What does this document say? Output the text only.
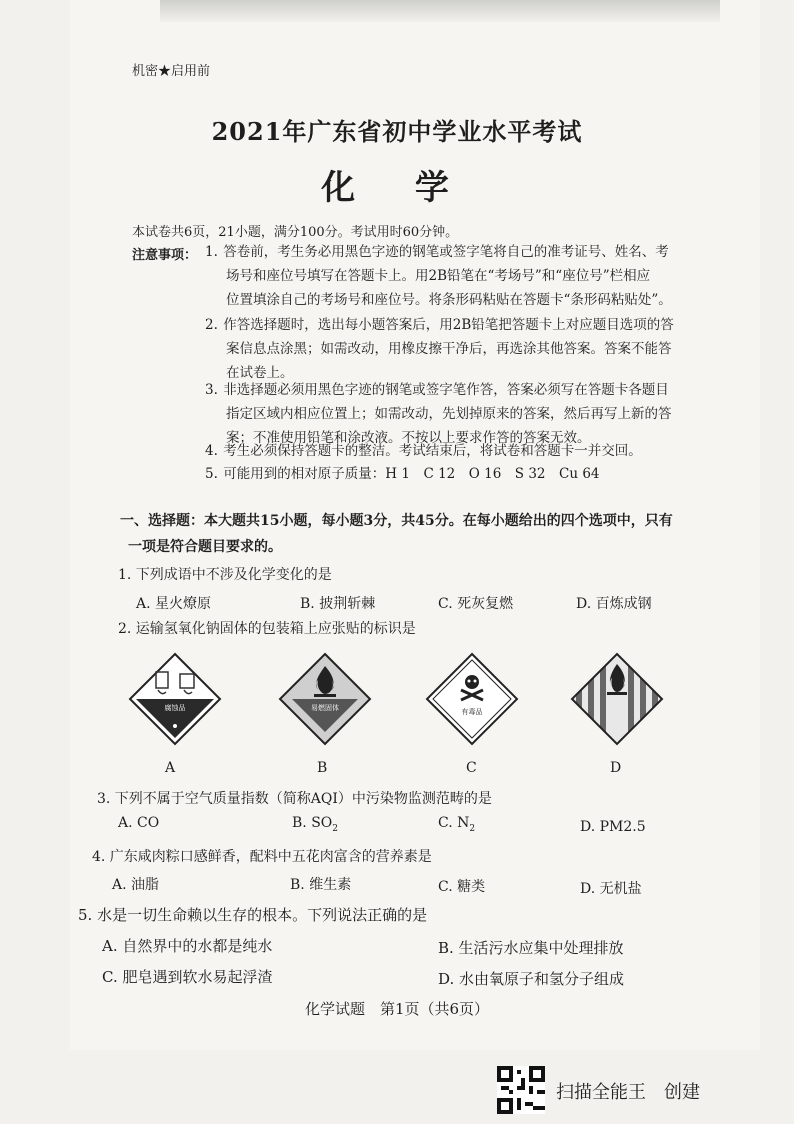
机密★启用前
2021年广东省初中学业水平考试
化 学
本试卷共6页，21小题，满分100分。考试用时60分钟。
注意事项： 1. 答卷前，考生务必用黑色字迹的钢笔或签字笔将自己的准考证号、姓名、考
场号和座位号填写在答题卡上。用2B铅笔在“考场号”和“座位号”栏相应
位置填涂自己的考场号和座位号。将条形码粘贴在答题卡“条形码粘贴处”。
2. 作答选择题时，选出每小题答案后，用2B铅笔把答题卡上对应题目选项的答
案信息点涂黑；如需改动，用橡皮擦干净后，再选涂其他答案。答案不能答
在试卷上。
3. 非选择题必须用黑色字迹的钢笔或签字笔作答，答案必须写在答题卡各题目
指定区域内相应位置上；如需改动，先划掉原来的答案，然后再写上新的答
案；不准使用铅笔和涂改液。不按以上要求作答的答案无效。
4. 考生必须保持答题卡的整洁。考试结束后，将试卷和答题卡一并交回。
5. 可能用到的相对原子质量：H 1　C 12　O 16　S 32　Cu 64
一、选择题：本大题共15小题，每小题3分，共45分。在每小题给出的四个选项中，只有
一项是符合题目要求的。
1. 下列成语中不涉及化学变化的是
A. 星火燎原	B. 披荆斩棘	C. 死灰复燃	D. 百炼成钢
2. 运输氢氧化钠固体的包装箱上应张贴的标识是
腐蚀品	易燃固体	有毒品
A	B	C	D
3. 下列不属于空气质量指数（简称AQI）中污染物监测范畴的是
A. CO	B. $SO_2$	C. $N_2$	D. PM2.5
4. 广东咸肉粽口感鲜香，配料中五花肉富含的营养素是
A. 油脂	B. 维生素	C. 糖类	D. 无机盐
5. 水是一切生命赖以生存的根本。下列说法正确的是
A. 自然界中的水都是纯水	B. 生活污水应集中处理排放
C. 肥皂遇到软水易起浮渣	D. 水由氧原子和氢分子组成
化学试题　第1页（共6页）
扫描全能王　创建
